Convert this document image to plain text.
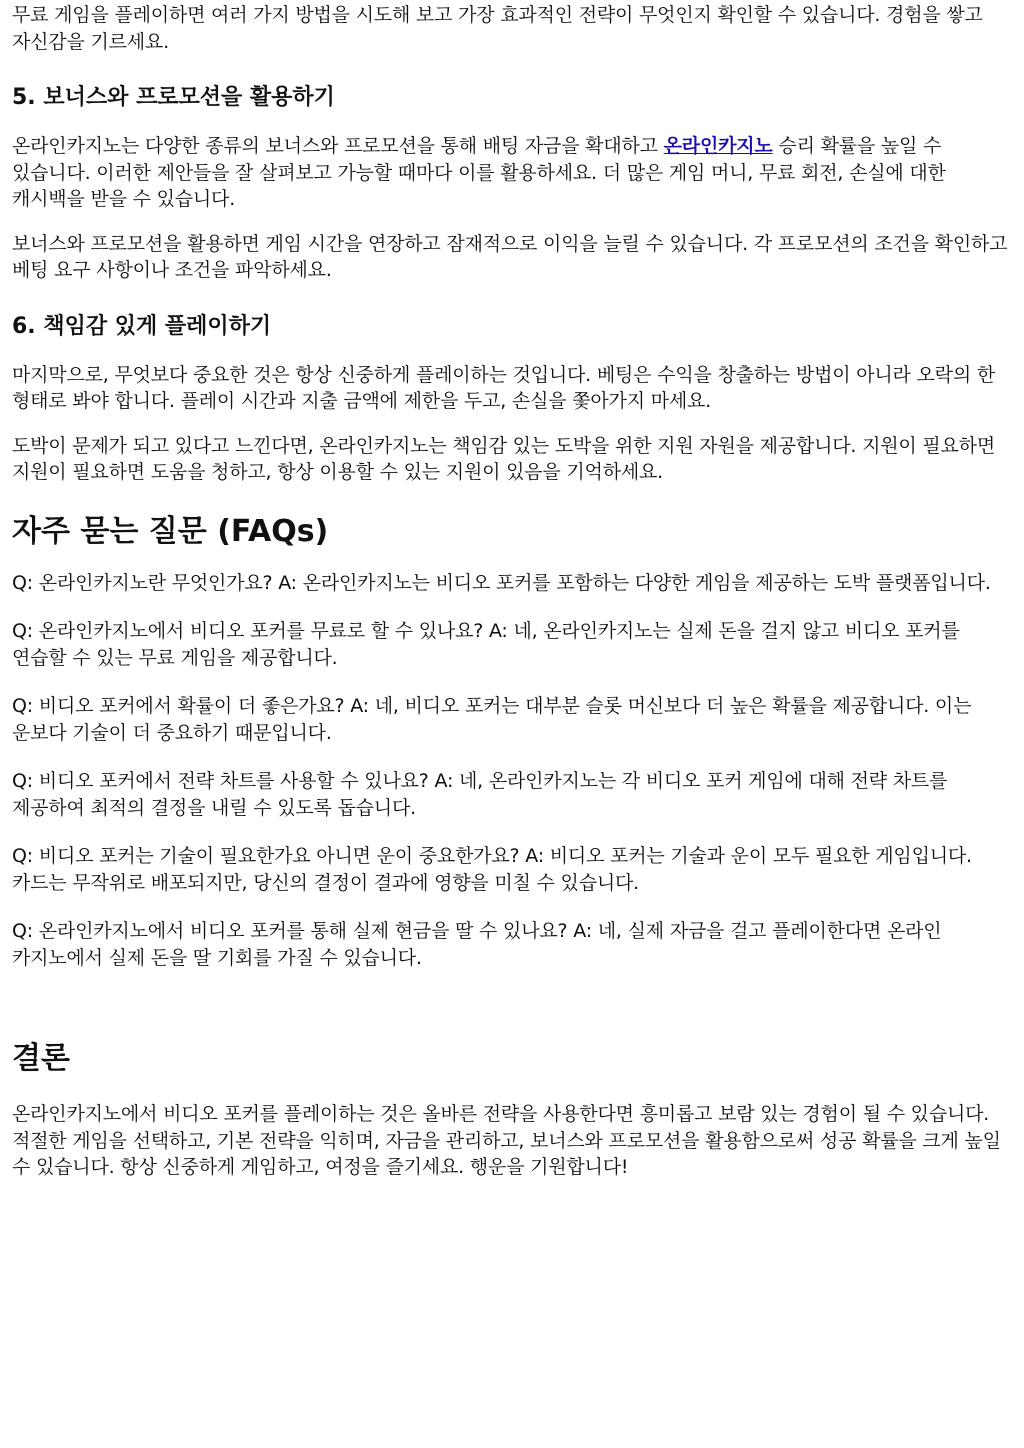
무료 게임을 플레이하면 여러 가지 방법을 시도해 보고 가장 효과적인 전략이 무엇인지 확인할 수 있습니다. 경험을 쌓고 자신감을 기르세요.

5. 보너스와 프로모션을 활용하기

온라인카지노는 다양한 종류의 보너스와 프로모션을 통해 배팅 자금을 확대하고 온라인카지노 승리 확률을 높일 수 있습니다. 이러한 제안들을 잘 살펴보고 가능할 때마다 이를 활용하세요. 더 많은 게임 머니, 무료 회전, 손실에 대한 캐시백을 받을 수 있습니다.

보너스와 프로모션을 활용하면 게임 시간을 연장하고 잠재적으로 이익을 늘릴 수 있습니다. 각 프로모션의 조건을 확인하고 베팅 요구 사항이나 조건을 파악하세요.

6. 책임감 있게 플레이하기

마지막으로, 무엇보다 중요한 것은 항상 신중하게 플레이하는 것입니다. 베팅은 수익을 창출하는 방법이 아니라 오락의 한 형태로 봐야 합니다. 플레이 시간과 지출 금액에 제한을 두고, 손실을 쫓아가지 마세요.

도박이 문제가 되고 있다고 느낀다면, 온라인카지노는 책임감 있는 도박을 위한 지원 자원을 제공합니다. 지원이 필요하면 지원이 필요하면 도움을 청하고, 항상 이용할 수 있는 지원이 있음을 기억하세요.

자주 묻는 질문 (FAQs)

Q: 온라인카지노란 무엇인가요? A: 온라인카지노는 비디오 포커를 포함하는 다양한 게임을 제공하는 도박 플랫폼입니다.

Q: 온라인카지노에서 비디오 포커를 무료로 할 수 있나요? A: 네, 온라인카지노는 실제 돈을 걸지 않고 비디오 포커를 연습할 수 있는 무료 게임을 제공합니다.

Q: 비디오 포커에서 확률이 더 좋은가요? A: 네, 비디오 포커는 대부분 슬롯 머신보다 더 높은 확률을 제공합니다. 이는 운보다 기술이 더 중요하기 때문입니다.

Q: 비디오 포커에서 전략 차트를 사용할 수 있나요? A: 네, 온라인카지노는 각 비디오 포커 게임에 대해 전략 차트를 제공하여 최적의 결정을 내릴 수 있도록 돕습니다.

Q: 비디오 포커는 기술이 필요한가요 아니면 운이 중요한가요? A: 비디오 포커는 기술과 운이 모두 필요한 게임입니다. 카드는 무작위로 배포되지만, 당신의 결정이 결과에 영향을 미칠 수 있습니다.

Q: 온라인카지노에서 비디오 포커를 통해 실제 현금을 딸 수 있나요? A: 네, 실제 자금을 걸고 플레이한다면 온라인 카지노에서 실제 돈을 딸 기회를 가질 수 있습니다.

결론

온라인카지노에서 비디오 포커를 플레이하는 것은 올바른 전략을 사용한다면 흥미롭고 보람 있는 경험이 될 수 있습니다. 적절한 게임을 선택하고, 기본 전략을 익히며, 자금을 관리하고, 보너스와 프로모션을 활용함으로써 성공 확률을 크게 높일 수 있습니다. 항상 신중하게 게임하고, 여정을 즐기세요. 행운을 기원합니다!
